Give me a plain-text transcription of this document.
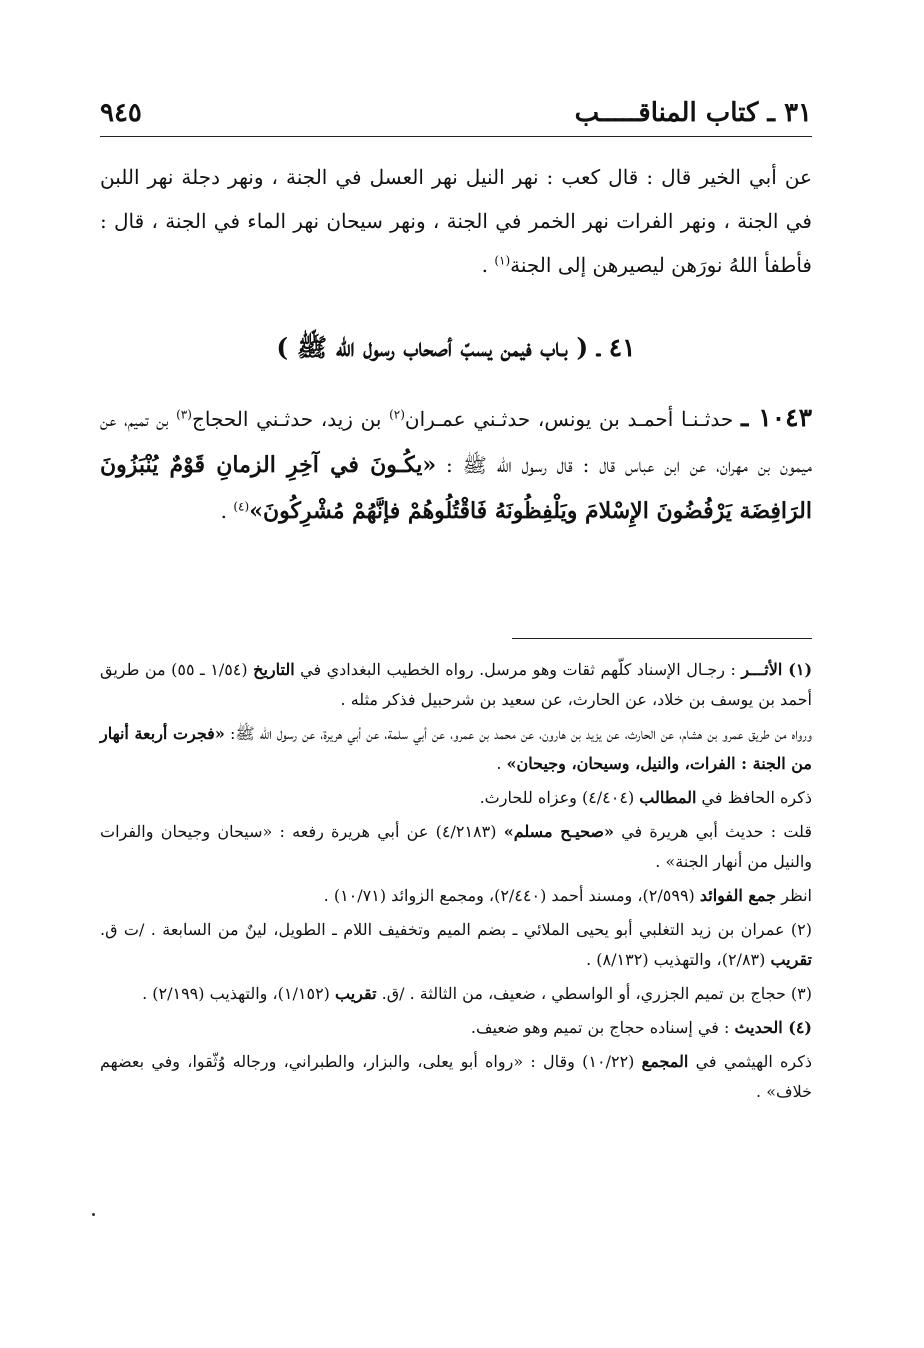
٣١ ـ كتاب المناقـــــب
٩٤٥
عن أبي الخير قال : قال كعب : نهر النيل نهر العسل في الجنة ، ونهر دجلة نهر اللبن في الجنة ، ونهر الفرات نهر الخمر في الجنة ، ونهر سيحان نهر الماء في الجنة ، قال : فأطفأ اللهُ نورَهن ليصيرهن إلى الجنة$^{(١)}$ .
٤١ ـ ( بـاب فيمن يسبّ أصحاب رسول الله ﷺ )
١٠٤٣ ـ حدثـنـا أحمـد بن يونس، حدثـني عمـران$^{(٢)}$ بن زيد، حدثـني الحجاج$^{(٣)}$ بن تميم، عن ميمون بن مهران، عن ابن عباس قال : قال رسول الله ﷺ : «يكُـونَ في آخِرِ الزمانِ قَوْمٌ يُنْبَزُونَ الرَافِضَة يَرْفُضُونَ الإِسْلامَ ويَلْفِظُونَهُ فَاقْتُلُوهُمْ فإنَّهُمْ مُشْرِكُونَ»$^{(٤)}$ .

(١) الأثـــر : رجـال الإسناد كلّهم ثقات وهو مرسل. رواه الخطيب البغدادي في التاريخ (١/٥٤ ـ ٥٥) من طريق أحمد بن يوسف بن خلاد، عن الحارث، عن سعيد بن شرحبيل فذكر مثله .

ورواه من طريق عمرو بن هشام، عن الحارث، عن يزيد بن هارون، عن محمد بن عمرو، عن أبي سلمة، عن أبي هريرة، عن رسول الله ﷺ: «فجرت أربعة أنهار من الجنة : الفرات، والنيل، وسيحان، وجيحان» .

ذكره الحافظ في المطالب (٤/٤٠٤) وعزاه للحارث.

قلت : حديث أبي هريرة في «صحيـح مسلم» (٤/٢١٨٣) عن أبي هريرة رفعه : «سيحان وجيحان والفرات والنيل من أنهار الجنة» .

انظر جمع الفوائد (٢/٥٩٩)، ومسند أحمد (٢/٤٤٠)، ومجمع الزوائد (١٠/٧١) .

(٢) عمران بن زيد التغلبي أبو يحيى الملائي ـ بضم الميم وتخفيف اللام ـ الطويل، لينٌ من السابعة . /ت ق. تقريب (٢/٨٣)، والتهذيب (٨/١٣٢) .

(٣) حجاج بن تميم الجزري، أو الواسطي ، ضعيف، من الثالثة . /ق. تقريب (١/١٥٢)، والتهذيب (٢/١٩٩) .

(٤) الحديث : في إسناده حجاج بن تميم وهو ضعيف.

ذكره الهيثمي في المجمع (١٠/٢٢) وقال : «رواه أبو يعلى، والبزار، والطبراني، ورجاله وُثّقوا، وفي بعضهم خلاف» .
